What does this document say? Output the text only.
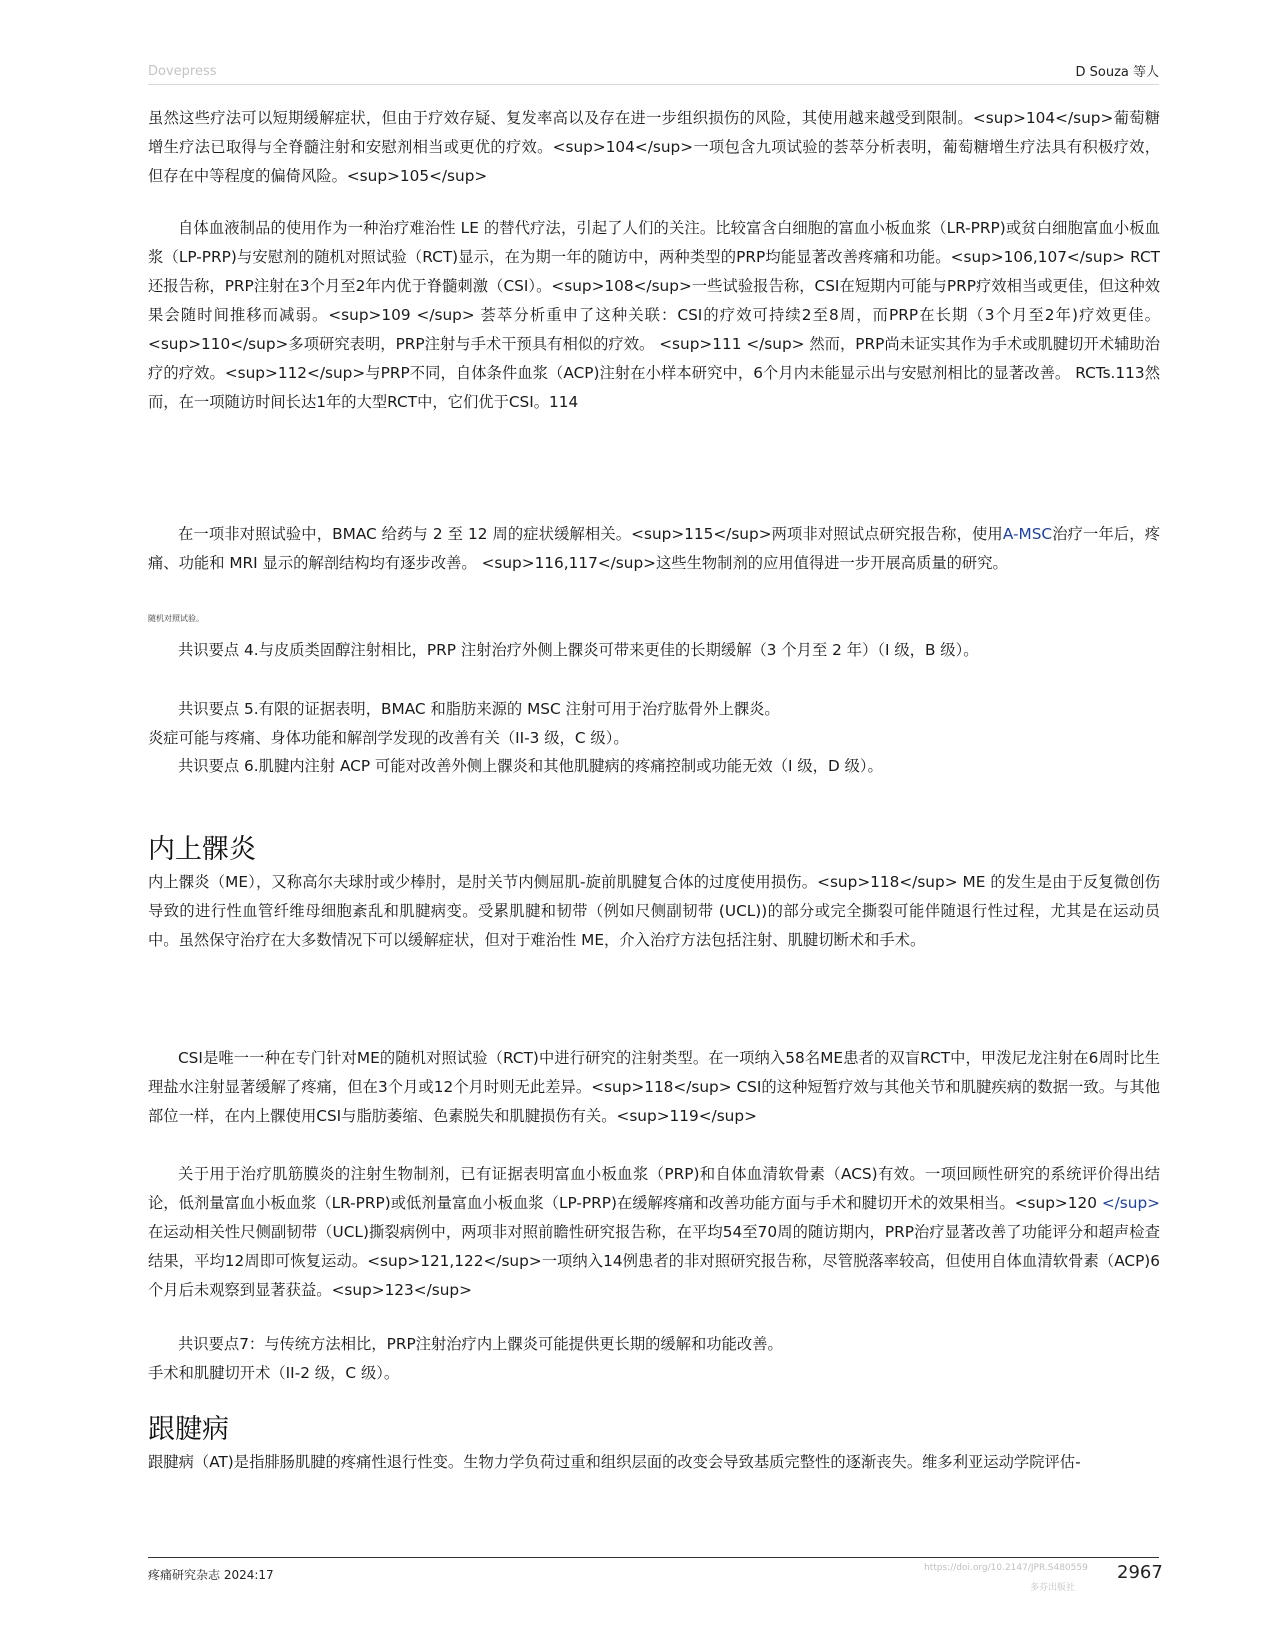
Dovepress	D Souza 等人
虽然这些疗法可以短期缓解症状，但由于疗效存疑、复发率高以及存在进一步组织损伤的风险，其使用越来越受到限制。<sup>104</sup>葡萄糖增生疗法已取得与全脊髓注射和安慰剂相当或更优的疗效。<sup>104</sup>一项包含九项试验的荟萃分析表明，葡萄糖增生疗法具有积极疗效，但存在中等程度的偏倚风险。<sup>105</sup>
自体血液制品的使用作为一种治疗难治性 LE 的替代疗法，引起了人们的关注。比较富含白细胞的富血小板血浆（LR-PRP)或贫白细胞富血小板血浆（LP-PRP)与安慰剂的随机对照试验（RCT)显示，在为期一年的随访中，两种类型的PRP均能显著改善疼痛和功能。<sup>106,107</sup> RCT还报告称，PRP注射在3个月至2年内优于脊髓刺激（CSI）。<sup>108</sup>一些试验报告称，CSI在短期内可能与PRP疗效相当或更佳，但这种效果会随时间推移而减弱。<sup>109 </sup> 荟萃分析重申了这种关联：CSI的疗效可持续2至8周，而PRP在长期（3个月至2年)疗效更佳。<sup>110</sup>多项研究表明，PRP注射与手术干预具有相似的疗效。 <sup>111 </sup> 然而，PRP尚未证实其作为手术或肌腱切开术辅助治疗的疗效。<sup>112</sup>与PRP不同，自体条件血浆（ACP)注射在小样本研究中，6个月内未能显示出与安慰剂相比的显著改善。 RCTs.113然而，在一项随访时间长达1年的大型RCT中，它们优于CSI。114
在一项非对照试验中，BMAC 给药与 2 至 12 周的症状缓解相关。<sup>115</sup>两项非对照试点研究报告称，使用A-MSC治疗一年后，疼痛、功能和 MRI 显示的解剖结构均有逐步改善。 <sup>116,117</sup>这些生物制剂的应用值得进一步开展高质量的研究。
随机对照试验。
共识要点 4.与皮质类固醇注射相比，PRP 注射治疗外侧上髁炎可带来更佳的长期缓解（3 个月至 2 年）（I 级，B 级）。
共识要点 5.有限的证据表明，BMAC 和脂肪来源的 MSC 注射可用于治疗肱骨外上髁炎。
炎症可能与疼痛、身体功能和解剖学发现的改善有关（II-3 级，C 级）。
共识要点 6.肌腱内注射 ACP 可能对改善外侧上髁炎和其他肌腱病的疼痛控制或功能无效（I 级，D 级）。
内上髁炎
内上髁炎（ME），又称高尔夫球肘或少棒肘，是肘关节内侧屈肌-旋前肌腱复合体的过度使用损伤。<sup>118</sup> ME 的发生是由于反复微创伤导致的进行性血管纤维母细胞紊乱和肌腱病变。受累肌腱和韧带（例如尺侧副韧带 (UCL))的部分或完全撕裂可能伴随退行性过程，尤其是在运动员中。虽然保守治疗在大多数情况下可以缓解症状，但对于难治性 ME，介入治疗方法包括注射、肌腱切断术和手术。
CSI是唯一一种在专门针对ME的随机对照试验（RCT)中进行研究的注射类型。在一项纳入58名ME患者的双盲RCT中，甲泼尼龙注射在6周时比生理盐水注射显著缓解了疼痛，但在3个月或12个月时则无此差异。<sup>118</sup> CSI的这种短暂疗效与其他关节和肌腱疾病的数据一致。与其他部位一样，在内上髁使用CSI与脂肪萎缩、色素脱失和肌腱损伤有关。<sup>119</sup>
关于用于治疗肌筋膜炎的注射生物制剂，已有证据表明富血小板血浆（PRP)和自体血清软骨素（ACS)有效。一项回顾性研究的系统评价得出结论，低剂量富血小板血浆（LR-PRP)或低剂量富血小板血浆（LP-PRP)在缓解疼痛和改善功能方面与手术和腱切开术的效果相当。<sup>120 </sup>在运动相关性尺侧副韧带（UCL)撕裂病例中，两项非对照前瞻性研究报告称，在平均54至70周的随访期内，PRP治疗显著改善了功能评分和超声检查结果，平均12周即可恢复运动。<sup>121,122</sup>一项纳入14例患者的非对照研究报告称，尽管脱落率较高，但使用自体血清软骨素（ACP)6个月后未观察到显著获益。<sup>123</sup>
共识要点7：与传统方法相比，PRP注射治疗内上髁炎可能提供更长期的缓解和功能改善。
手术和肌腱切开术（II-2 级，C 级）。
跟腱病
跟腱病（AT)是指腓肠肌腱的疼痛性退行性变。生物力学负荷过重和组织层面的改变会导致基质完整性的逐渐丧失。维多利亚运动学院评估-
疼痛研究杂志 2024:17	https://doi.org/10.2147/JPR.S480559
多芬出版社
2967
